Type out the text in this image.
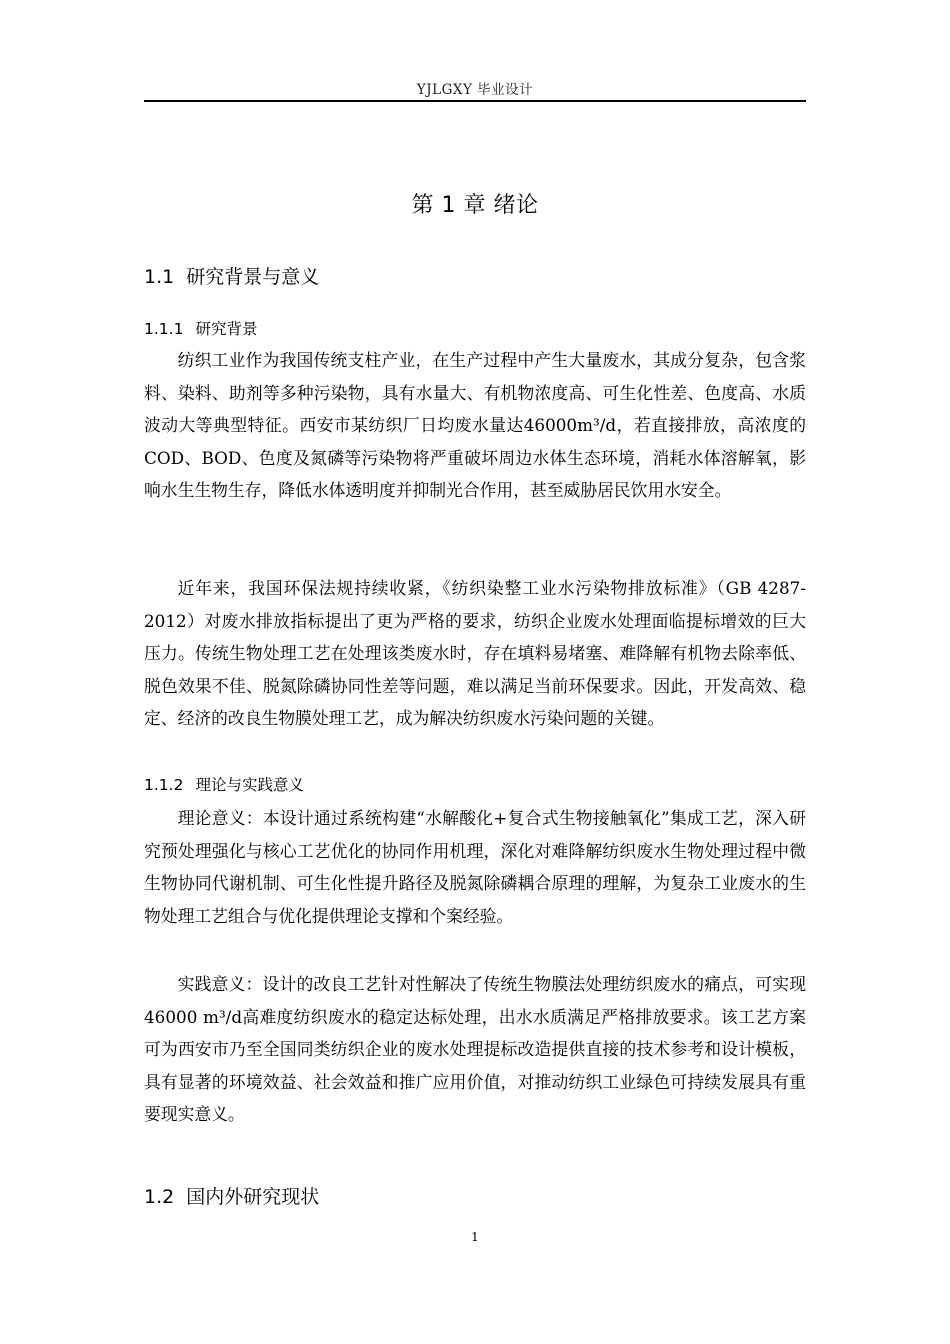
YJLGXY 毕业设计
第 1 章 绪论
1.1 研究背景与意义
1.1.1 研究背景

纺织工业作为我国传统支柱产业，在生产过程中产生大量废水，其成分复杂，包含浆料、染料、助剂等多种污染物，具有水量大、有机物浓度高、可生化性差、色度高、水质波动大等典型特征。西安市某纺织厂日均废水量达46000m³/d，若直接排放，高浓度的COD、BOD、色度及氮磷等污染物将严重破坏周边水体生态环境，消耗水体溶解氧，影响水生生物生存，降低水体透明度并抑制光合作用，甚至威胁居民饮用水安全。

近年来，我国环保法规持续收紧，《纺织染整工业水污染物排放标准》（GB 4287-2012）对废水排放指标提出了更为严格的要求，纺织企业废水处理面临提标增效的巨大压力。传统生物处理工艺在处理该类废水时，存在填料易堵塞、难降解有机物去除率低、脱色效果不佳、脱氮除磷协同性差等问题，难以满足当前环保要求。因此，开发高效、稳定、经济的改良生物膜处理工艺，成为解决纺织废水污染问题的关键。

1.1.2 理论与实践意义

理论意义：本设计通过系统构建“水解酸化+复合式生物接触氧化”集成工艺，深入研究预处理强化与核心工艺优化的协同作用机理，深化对难降解纺织废水生物处理过程中微生物协同代谢机制、可生化性提升路径及脱氮除磷耦合原理的理解，为复杂工业废水的生物处理工艺组合与优化提供理论支撑和个案经验。

实践意义：设计的改良工艺针对性解决了传统生物膜法处理纺织废水的痛点，可实现46000 m³/d高难度纺织废水的稳定达标处理，出水水质满足严格排放要求。该工艺方案可为西安市乃至全国同类纺织企业的废水处理提标改造提供直接的技术参考和设计模板，具有显著的环境效益、社会效益和推广应用价值，对推动纺织工业绿色可持续发展具有重要现实意义。

1.2 国内外研究现状
1
